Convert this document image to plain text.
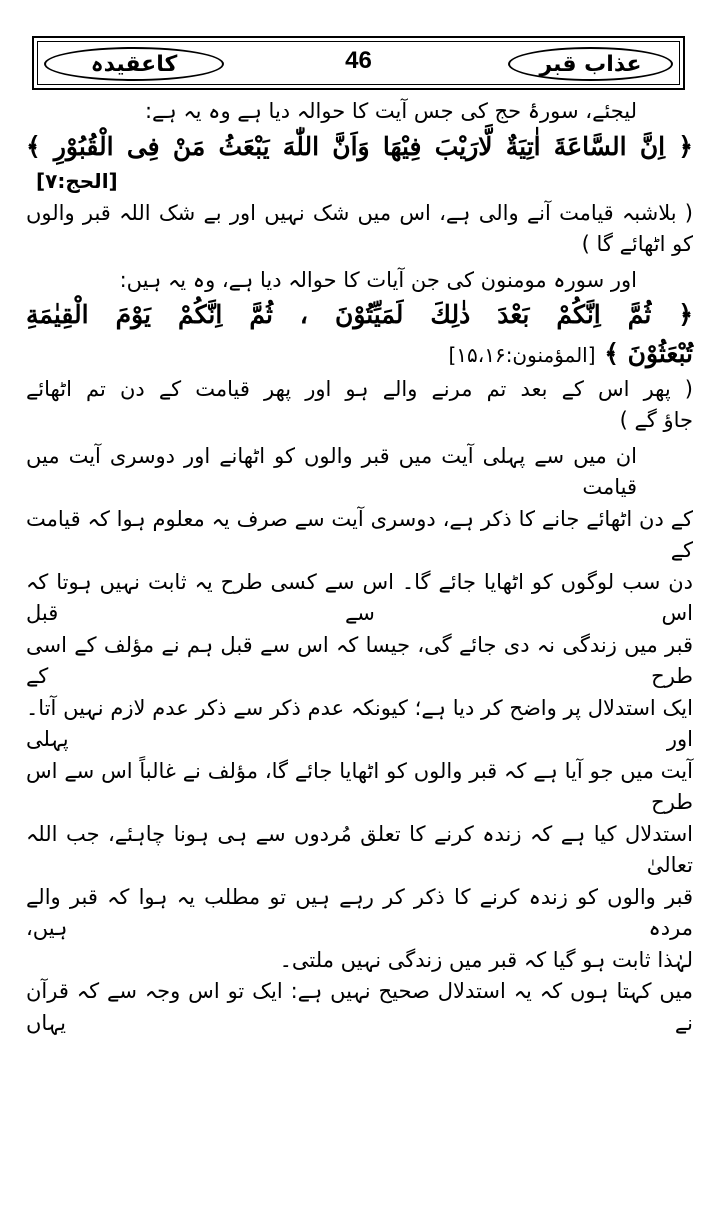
کاعقیدہ	46	عذاب قبر
لیجئے، سورۂ حج کی جس آیت کا حوالہ دیا ہے وہ یہ ہے:
﴿ اِنَّ السَّاعَةَ اٰتِیَةٌ لَّارَیْبَ فِیْهَا وَاَنَّ اللّٰهَ یَبْعَثُ مَنْ فِی الْقُبُوْرِ ﴾
[الحج:۷]
( بلاشبہ قیامت آنے والی ہے، اس میں شک نہیں اور بے شک اللہ قبر والوں
کو اٹھائے گا )
اور سورہ مومنون کی جن آیات کا حوالہ دیا ہے، وہ یہ ہیں:
﴿ ثُمَّ اِنَّكُمْ بَعْدَ ذٰلِكَ لَمَیِّتُوْنَ ، ثُمَّ اِنَّكُمْ یَوْمَ الْقِیٰمَةِ
تُبْعَثُوْنَ ﴾ [المؤمنون:۱۵،۱۶]
( پھر اس کے بعد تم مرنے والے ہو اور پھر قیامت کے دن تم اٹھائے
جاؤ گے )
ان میں سے پہلی آیت میں قبر والوں کو اٹھانے اور دوسری آیت میں قیامت
کے دن اٹھائے جانے کا ذکر ہے، دوسری آیت سے صرف یہ معلوم ہوا کہ قیامت کے
دن سب لوگوں کو اٹھایا جائے گا۔ اس سے کسی طرح یہ ثابت نہیں ہوتا کہ اس سے قبل
قبر میں زندگی نہ دی جائے گی، جیسا کہ اس سے قبل ہم نے مؤلف کے اسی طرح کے
ایک استدلال پر واضح کر دیا ہے؛ کیونکہ عدم ذکر سے ذکر عدم لازم نہیں آتا۔ اور پہلی
آیت میں جو آیا ہے کہ قبر والوں کو اٹھایا جائے گا، مؤلف نے غالباً اس سے اس طرح
استدلال کیا ہے کہ زندہ کرنے کا تعلق مُردوں سے ہی ہونا چاہئے، جب اللہ تعالیٰ
قبر والوں کو زندہ کرنے کا ذکر کر رہے ہیں تو مطلب یہ ہوا کہ قبر والے مردہ ہیں،
لہٰذا ثابت ہو گیا کہ قبر میں زندگی نہیں ملتی۔
میں کہتا ہوں کہ یہ استدلال صحیح نہیں ہے: ایک تو اس وجہ سے کہ قرآن نے یہاں
